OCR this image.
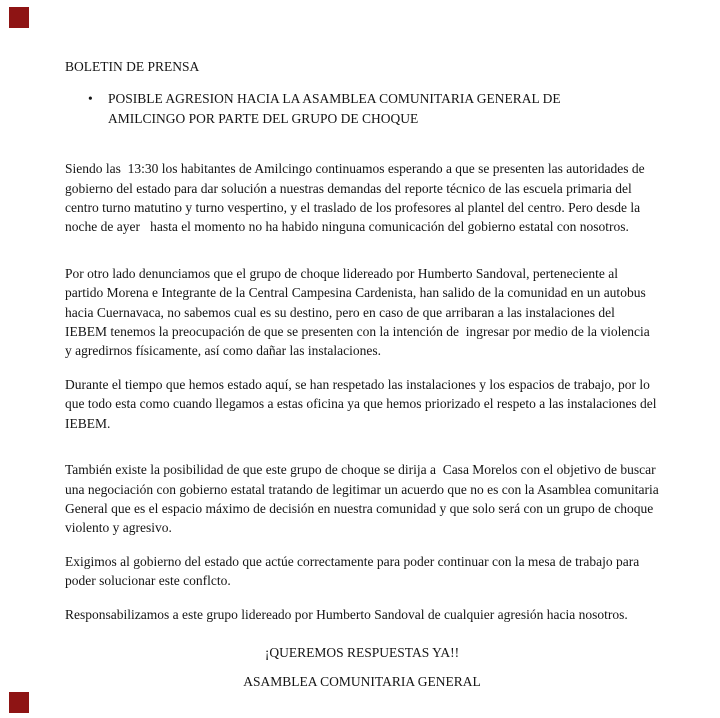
BOLETIN DE PRENSA

•	POSIBLE AGRESION HACIA LA ASAMBLEA COMUNITARIA GENERAL DE AMILCINGO POR PARTE DEL GRUPO DE CHOQUE

Siendo las  13:30 los habitantes de Amilcingo continuamos esperando a que se presenten las autoridades de gobierno del estado para dar solución a nuestras demandas del reporte técnico de las escuela primaria del centro turno matutino y turno vespertino, y el traslado de los profesores al plantel del centro. Pero desde la noche de ayer   hasta el momento no ha habido ninguna comunicación del gobierno estatal con nosotros.

Por otro lado denunciamos que el grupo de choque lidereado por Humberto Sandoval, perteneciente al partido Morena e Integrante de la Central Campesina Cardenista, han salido de la comunidad en un autobus hacia Cuernavaca, no sabemos cual es su destino, pero en caso de que arribaran a las instalaciones del IEBEM tenemos la preocupación de que se presenten con la intención de  ingresar por medio de la violencia y agredirnos físicamente, así como dañar las instalaciones.

Durante el tiempo que hemos estado aquí, se han respetado las instalaciones y los espacios de trabajo, por lo que todo esta como cuando llegamos a estas oficina ya que hemos priorizado el respeto a las instalaciones del IEBEM.

También existe la posibilidad de que este grupo de choque se dirija a  Casa Morelos con el objetivo de buscar  una negociación con gobierno estatal tratando de legitimar un acuerdo que no es con la Asamblea comunitaria General que es el espacio máximo de decisión en nuestra comunidad y que solo será con un grupo de choque violento y agresivo.

Exigimos al gobierno del estado que actúe correctamente para poder continuar con la mesa de trabajo para poder solucionar este conflcto.

Responsabilizamos a este grupo lidereado por Humberto Sandoval de cualquier agresión hacia nosotros.

¡QUEREMOS RESPUESTAS YA!!

ASAMBLEA COMUNITARIA GENERAL
